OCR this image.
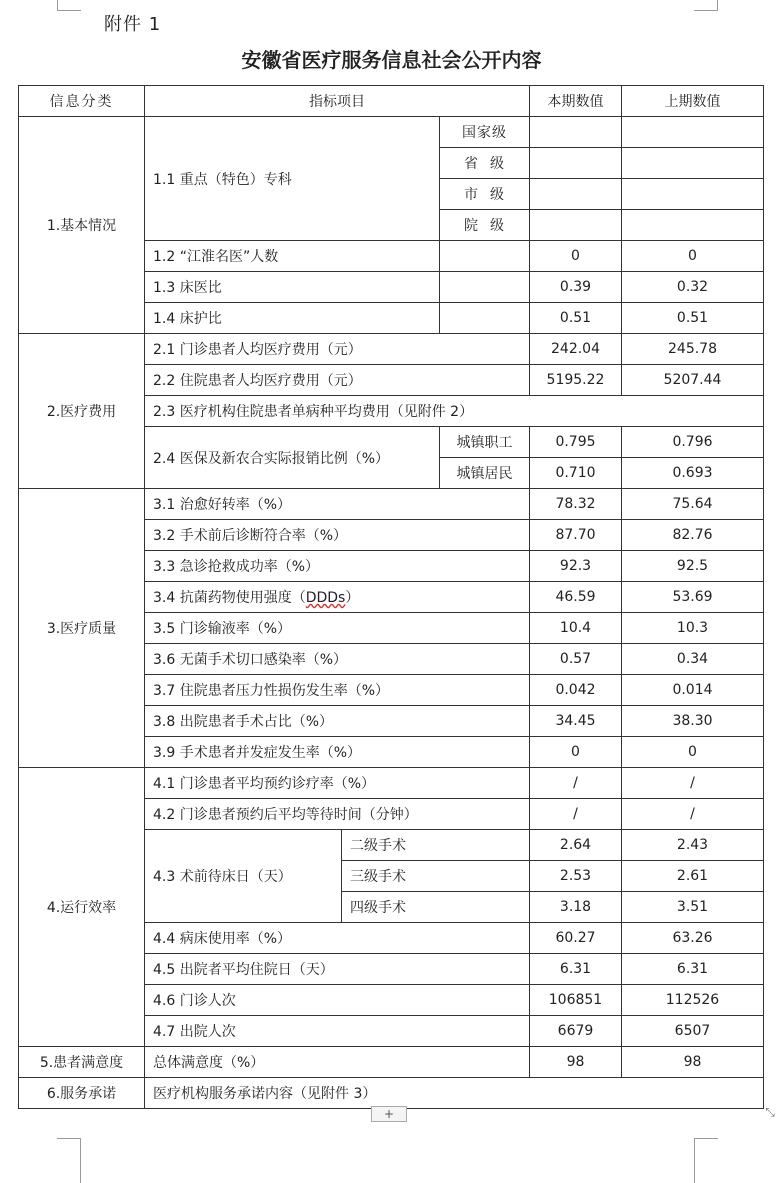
附件 1
安徽省医疗服务信息社会公开内容
信息分类	指标项目			本期数值	上期数值
1.基本情况	1.1 重点（特色）专科		国家级		
			省  级		
			市  级		
			院  级		
	1.2 “江淮名医”人数			0	0
	1.3 床医比			0.39	0.32
	1.4 床护比			0.51	0.51
2.医疗费用	2.1 门诊患者人均医疗费用（元）			242.04	245.78
	2.2 住院患者人均医疗费用（元）			5195.22	5207.44
	2.3 医疗机构住院患者单病种平均费用（见附件 2）				
	2.4 医保及新农合实际报销比例（%）		城镇职工	0.795	0.796
			城镇居民	0.710	0.693
3.医疗质量	3.1 治愈好转率（%）			78.32	75.64
	3.2 手术前后诊断符合率（%）			87.70	82.76
	3.3 急诊抢救成功率（%）			92.3	92.5
	3.4 抗菌药物使用强度（DDDs）			46.59	53.69
	3.5 门诊输液率（%）			10.4	10.3
	3.6 无菌手术切口感染率（%）			0.57	0.34
	3.7 住院患者压力性损伤发生率（%）			0.042	0.014
	3.8 出院患者手术占比（%）			34.45	38.30
	3.9 手术患者并发症发生率（%）			0	0
4.运行效率	4.1 门诊患者平均预约诊疗率（%）			/	/
	4.2 门诊患者预约后平均等待时间（分钟）			/	/
	4.3 术前待床日（天）	二级手术		2.64	2.43
		三级手术		2.53	2.61
		四级手术		3.18	3.51
	4.4 病床使用率（%）			60.27	63.26
	4.5 出院者平均住院日（天）			6.31	6.31
	4.6 门诊人次			106851	112526
	4.7 出院人次			6679	6507
5.患者满意度	总体满意度（%）			98	98
6.服务承诺	医疗机构服务承诺内容（见附件 3）				
+	⤡
